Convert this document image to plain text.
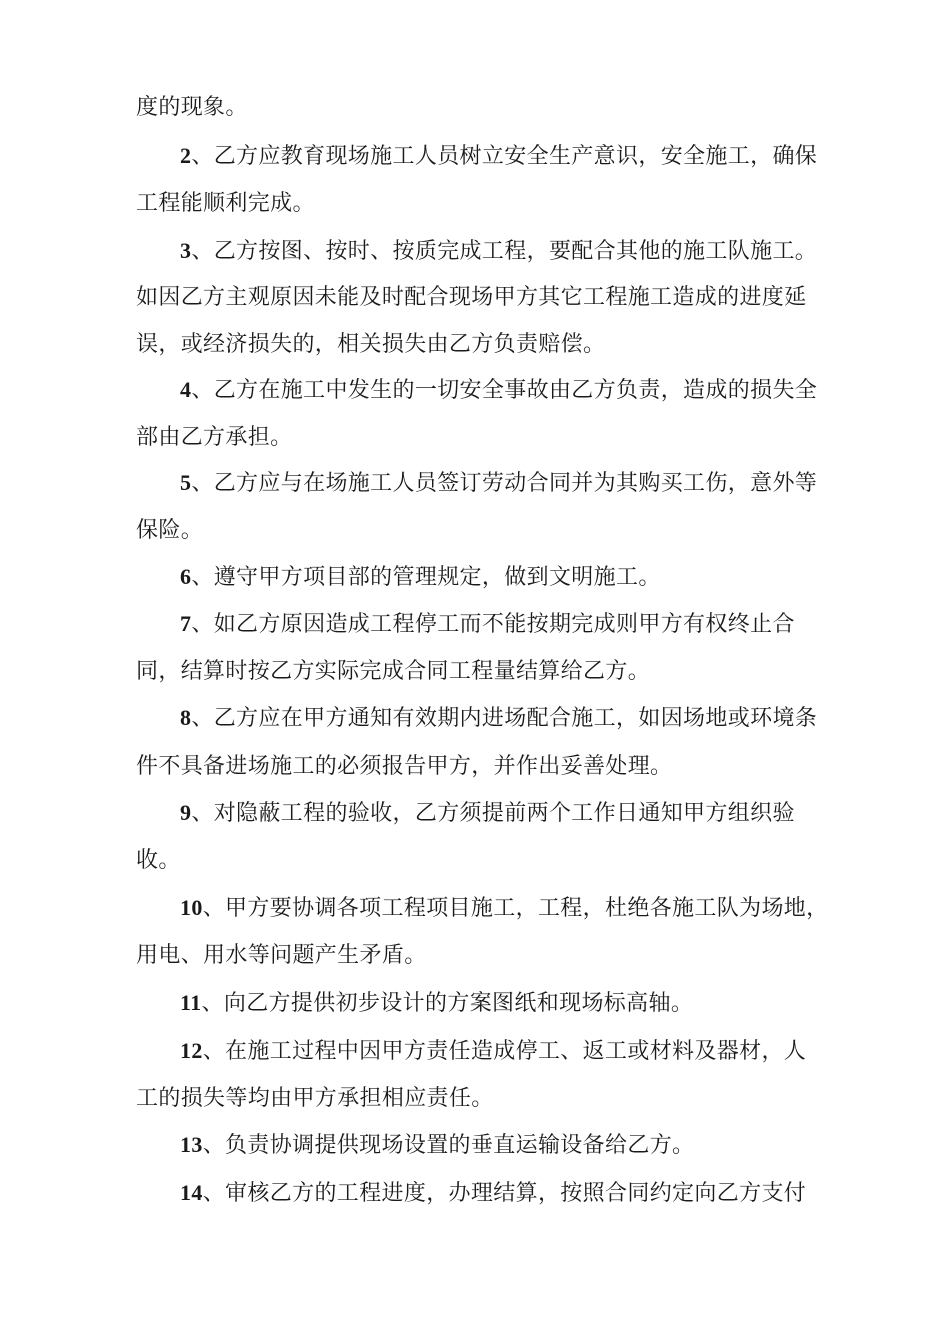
度的现象。
2、乙方应教育现场施工人员树立安全生产意识，安全施工，确保
工程能顺利完成。
3、乙方按图、按时、按质完成工程，要配合其他的施工队施工。
如因乙方主观原因未能及时配合现场甲方其它工程施工造成的进度延
误，或经济损失的，相关损失由乙方负责赔偿。
4、乙方在施工中发生的一切安全事故由乙方负责，造成的损失全
部由乙方承担。
5、乙方应与在场施工人员签订劳动合同并为其购买工伤，意外等
保险。
6、遵守甲方项目部的管理规定，做到文明施工。
7、如乙方原因造成工程停工而不能按期完成则甲方有权终止合
同，结算时按乙方实际完成合同工程量结算给乙方。
8、乙方应在甲方通知有效期内进场配合施工，如因场地或环境条
件不具备进场施工的必须报告甲方，并作出妥善处理。
9、对隐蔽工程的验收，乙方须提前两个工作日通知甲方组织验
收。
10、甲方要协调各项工程项目施工，工程，杜绝各施工队为场地，
用电、用水等问题产生矛盾。
11、向乙方提供初步设计的方案图纸和现场标高轴。
12、在施工过程中因甲方责任造成停工、返工或材料及器材，人
工的损失等均由甲方承担相应责任。
13、负责协调提供现场设置的垂直运输设备给乙方。
14、审核乙方的工程进度，办理结算，按照合同约定向乙方支付
